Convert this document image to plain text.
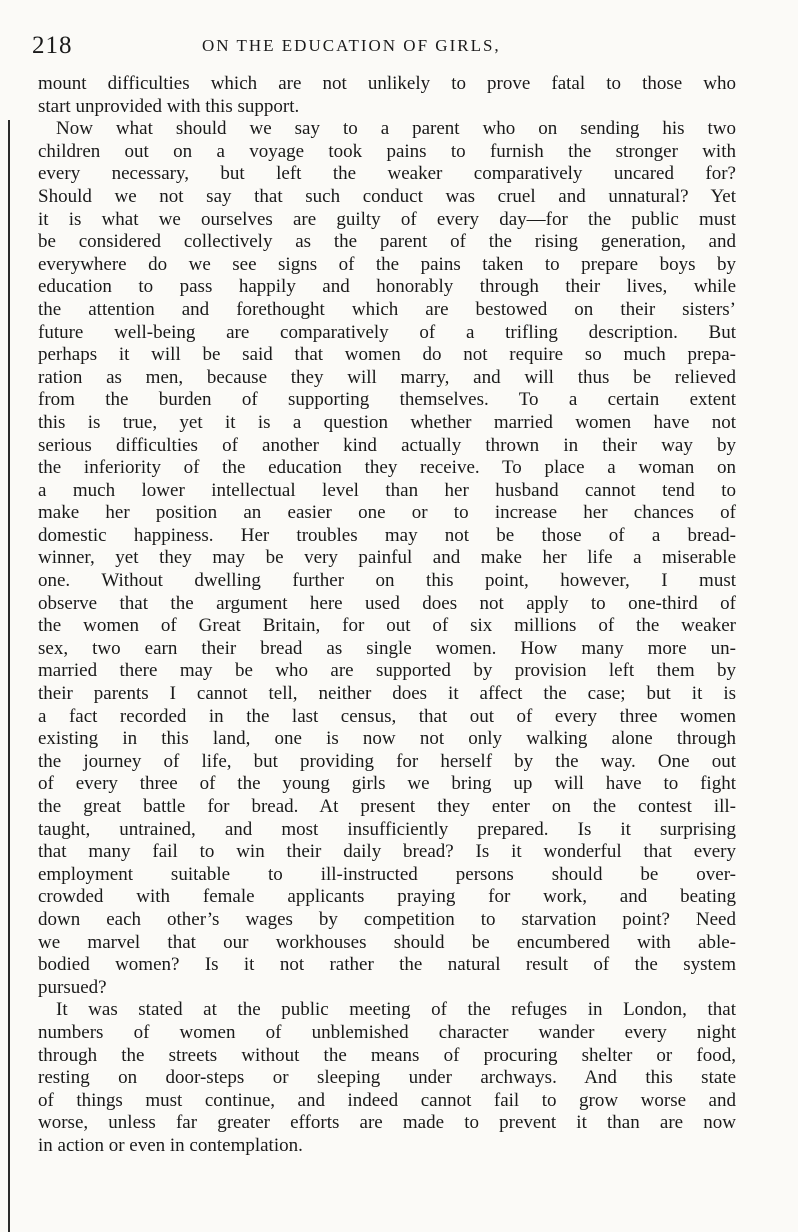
218	ON THE EDUCATION OF GIRLS,
mount difficulties which are not unlikely to prove fatal to those who
start unprovided with this support.
Now what should we say to a parent who on sending his two
children out on a voyage took pains to furnish the stronger with
every necessary, but left the weaker comparatively uncared for?
Should we not say that such conduct was cruel and unnatural? Yet
it is what we ourselves are guilty of every day—for the public must
be considered collectively as the parent of the rising generation, and
everywhere do we see signs of the pains taken to prepare boys by
education to pass happily and honorably through their lives, while
the attention and forethought which are bestowed on their sisters’
future well-being are comparatively of a trifling description. But
perhaps it will be said that women do not require so much prepa-
ration as men, because they will marry, and will thus be relieved
from the burden of supporting themselves. To a certain extent
this is true, yet it is a question whether married women have not
serious difficulties of another kind actually thrown in their way by
the inferiority of the education they receive. To place a woman on
a much lower intellectual level than her husband cannot tend to
make her position an easier one or to increase her chances of
domestic happiness. Her troubles may not be those of a bread-
winner, yet they may be very painful and make her life a miserable
one. Without dwelling further on this point, however, I must
observe that the argument here used does not apply to one-third of
the women of Great Britain, for out of six millions of the weaker
sex, two earn their bread as single women. How many more un-
married there may be who are supported by provision left them by
their parents I cannot tell, neither does it affect the case; but it is
a fact recorded in the last census, that out of every three women
existing in this land, one is now not only walking alone through
the journey of life, but providing for herself by the way. One out
of every three of the young girls we bring up will have to fight
the great battle for bread. At present they enter on the contest ill-
taught, untrained, and most insufficiently prepared. Is it surprising
that many fail to win their daily bread? Is it wonderful that every
employment suitable to ill-instructed persons should be over-
crowded with female applicants praying for work, and beating
down each other’s wages by competition to starvation point? Need
we marvel that our workhouses should be encumbered with able-
bodied women? Is it not rather the natural result of the system
pursued?
It was stated at the public meeting of the refuges in London, that
numbers of women of unblemished character wander every night
through the streets without the means of procuring shelter or food,
resting on door-steps or sleeping under archways. And this state
of things must continue, and indeed cannot fail to grow worse and
worse, unless far greater efforts are made to prevent it than are now
in action or even in contemplation.
